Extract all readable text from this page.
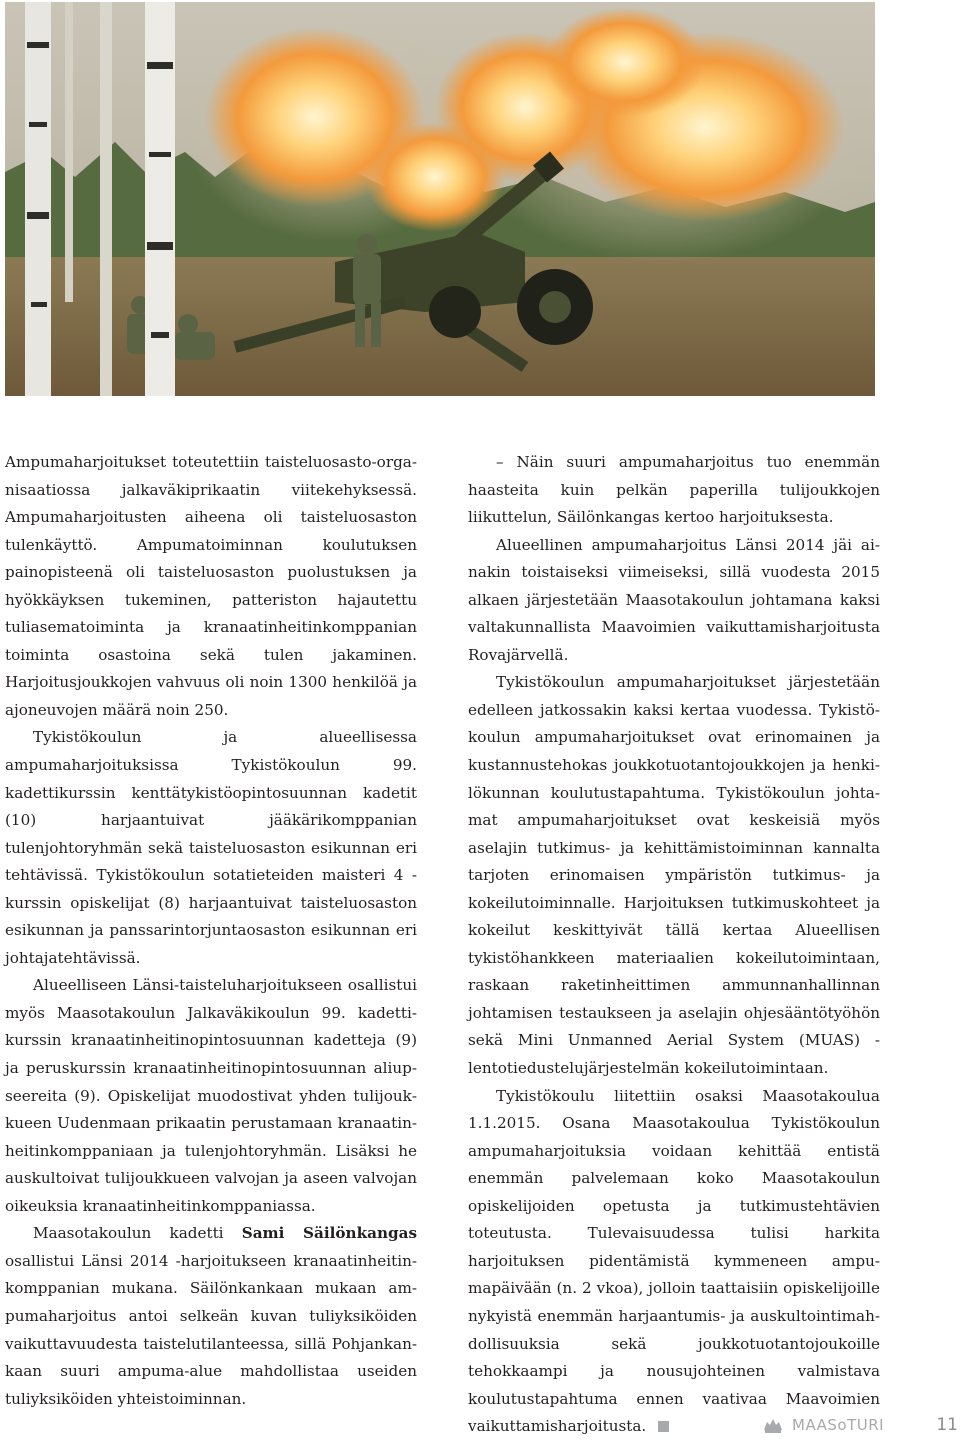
Ampumaharjoitukset toteutettiin taisteluosasto-organisaatiossa jalkaväkiprikaatin viitekehyksessä. Ampumaharjoitusten aiheena oli taisteluosaston tulenkäyttö. Ampumatoiminnan koulutuksen painopisteenä oli taisteluosaston puolustuksen ja hyökkäyksen tukeminen, patteriston hajautettu tuliasematoiminta ja kranaatinheitinkomppanian toiminta osastoina sekä tulen jakaminen. Harjoitusjoukkojen vahvuus oli noin 1300 henkilöä ja ajoneuvojen määrä noin 250.

Tykistökoulun ja alueellisessa ampumaharjoituksissa Tykistökoulun 99. kadettikurssin kenttätykistöopintosuunnan kadetit (10) harjaantuivat jääkärikomppanian tulenjohtoryhmän sekä taisteluosaston esikunnan eri tehtävissä. Tykistökoulun sotatieteiden maisteri 4 -kurssin opiskelijat (8) harjaantuivat taisteluosaston esikunnan ja panssarintorjuntaosaston esikunnan eri johtajatehtävissä.

Alueelliseen Länsi-taisteluharjoitukseen osallistui myös Maasotakoulun Jalkaväkikoulun 99. kadettikurssin kranaatinheitinopintosuunnan kadetteja (9) ja peruskurssin kranaatinheitinopintosuunnan aliupseereita (9). Opiskelijat muodostivat yhden tulijoukkueen Uudenmaan prikaatin perustamaan kranaatinheitinkomppaniaan ja tulenjohtoryhmän. Lisäksi he auskultoivat tulijoukkueen valvojan ja aseen valvojan oikeuksia kranaatinheitinkomppaniassa.

Maasotakoulun kadetti Sami Säilönkangas osallistui Länsi 2014 -harjoitukseen kranaatinheitinkomppanian mukana. Säilönkankaan mukaan ampumaharjoitus antoi selkeän kuvan tuliyksiköiden vaikuttavuudesta taistelutilanteessa, sillä Pohjankankaan suuri ampuma-alue mahdollistaa useiden tuliyksiköiden yhteistoiminnan.

– Näin suuri ampumaharjoitus tuo enemmän haasteita kuin pelkän paperilla tulijoukkojen liikuttelun, Säilönkangas kertoo harjoituksesta.

Alueellinen ampumaharjoitus Länsi 2014 jäi ainakin toistaiseksi viimeiseksi, sillä vuodesta 2015 alkaen järjestetään Maasotakoulun johtamana kaksi valtakunnallista Maavoimien vaikuttamisharjoitusta Rovajärvellä.

Tykistökoulun ampumaharjoitukset järjestetään edelleen jatkossakin kaksi kertaa vuodessa. Tykistökoulun ampumaharjoitukset ovat erinomainen ja kustannustehokas joukkotuotantojoukkojen ja henkilökunnan koulutustapahtuma. Tykistökoulun johtamat ampumaharjoitukset ovat keskeisiä myös aselajin tutkimus- ja kehittämistoiminnan kannalta tarjoten erinomaisen ympäristön tutkimus- ja kokeilutoiminnalle. Harjoituksen tutkimuskohteet ja kokeilut keskittyivät tällä kertaa Alueellisen tykistöhankkeen materiaalien kokeilutoimintaan, raskaan raketinheittimen ammunnanhallinnan johtamisen testaukseen ja aselajin ohjesääntötyöhön sekä Mini Unmanned Aerial System (MUAS) -lentotiedustelujärjestelmän kokeilutoimintaan.

Tykistökoulu liitettiin osaksi Maasotakoulua 1.1.2015. Osana Maasotakoulua Tykistökoulun ampumaharjoituksia voidaan kehittää entistä enemmän palvelemaan koko Maasotakoulun opiskelijoiden opetusta ja tutkimustehtävien toteutusta. Tulevaisuudessa tulisi harkita harjoituksen pidentämistä kymmeneen ampumapäivään (n. 2 vkoa), jolloin taattaisiin opiskelijoille nykyistä enemmän harjaantumis- ja auskultointimahdollisuuksia sekä joukkotuotantojoukoille tehokkaampi ja nousujohteinen valmistava koulutustapahtuma ennen vaativaa Maavoimien vaikuttamisharjoitusta.	MAASoTURI	11
